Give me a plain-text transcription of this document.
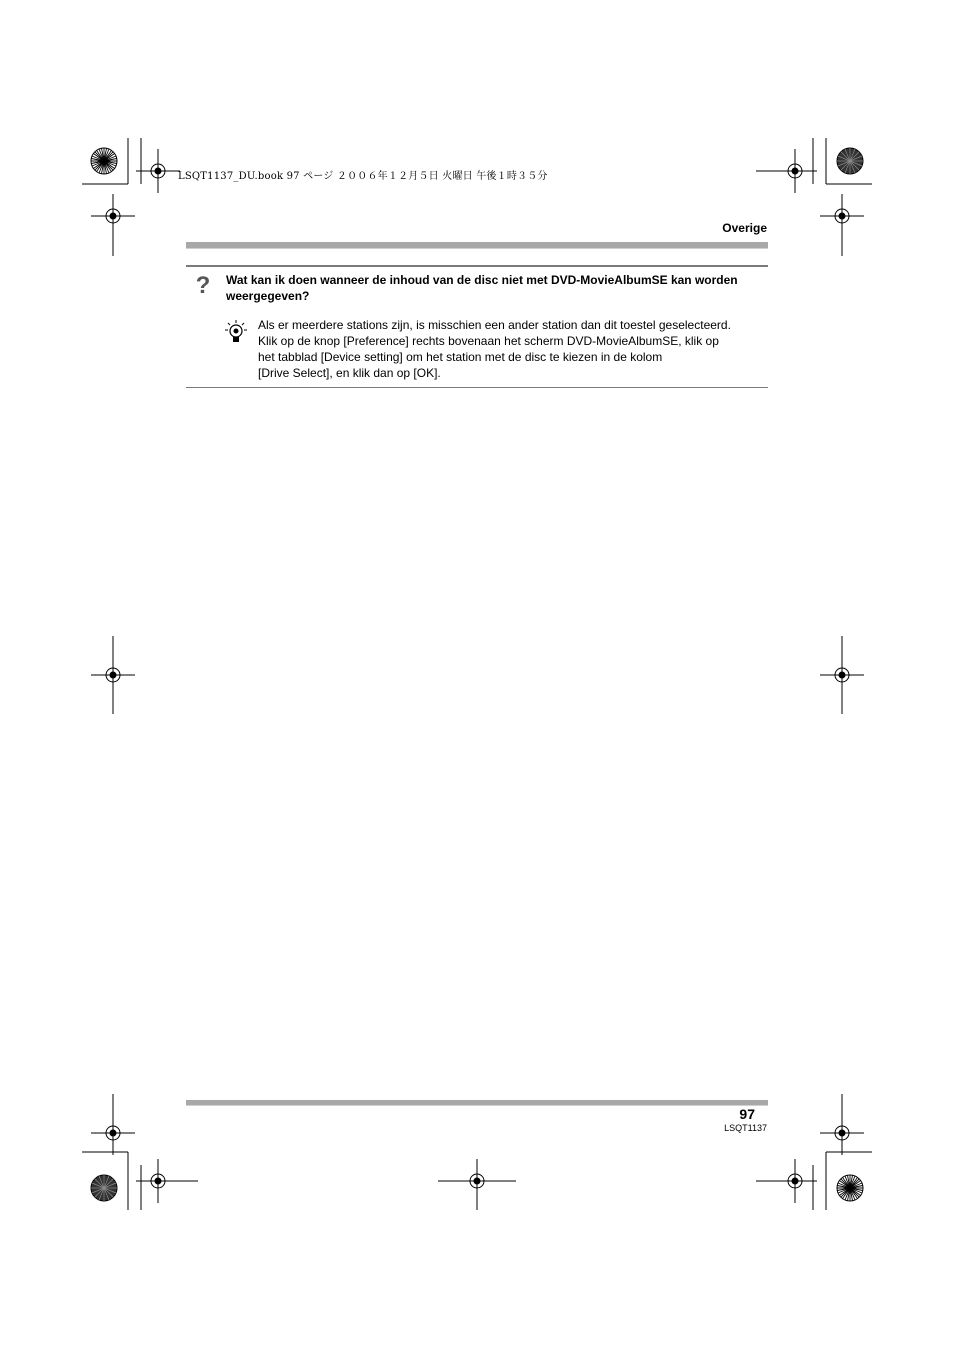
LSQT1137_DU.book 97 ページ ２００６年１２月５日 火曜日 午後１時３５分
Overige
?	Wat kan ik doen wanneer de inhoud van de disc niet met DVD-MovieAlbumSE kan worden weergegeven?
Als er meerdere stations zijn, is misschien een ander station dan dit toestel geselecteerd.
Klik op de knop [Preference] rechts bovenaan het scherm DVD-MovieAlbumSE, klik op
het tabblad [Device setting] om het station met de disc te kiezen in de kolom
[Drive Select], en klik dan op [OK].
97
LSQT1137
